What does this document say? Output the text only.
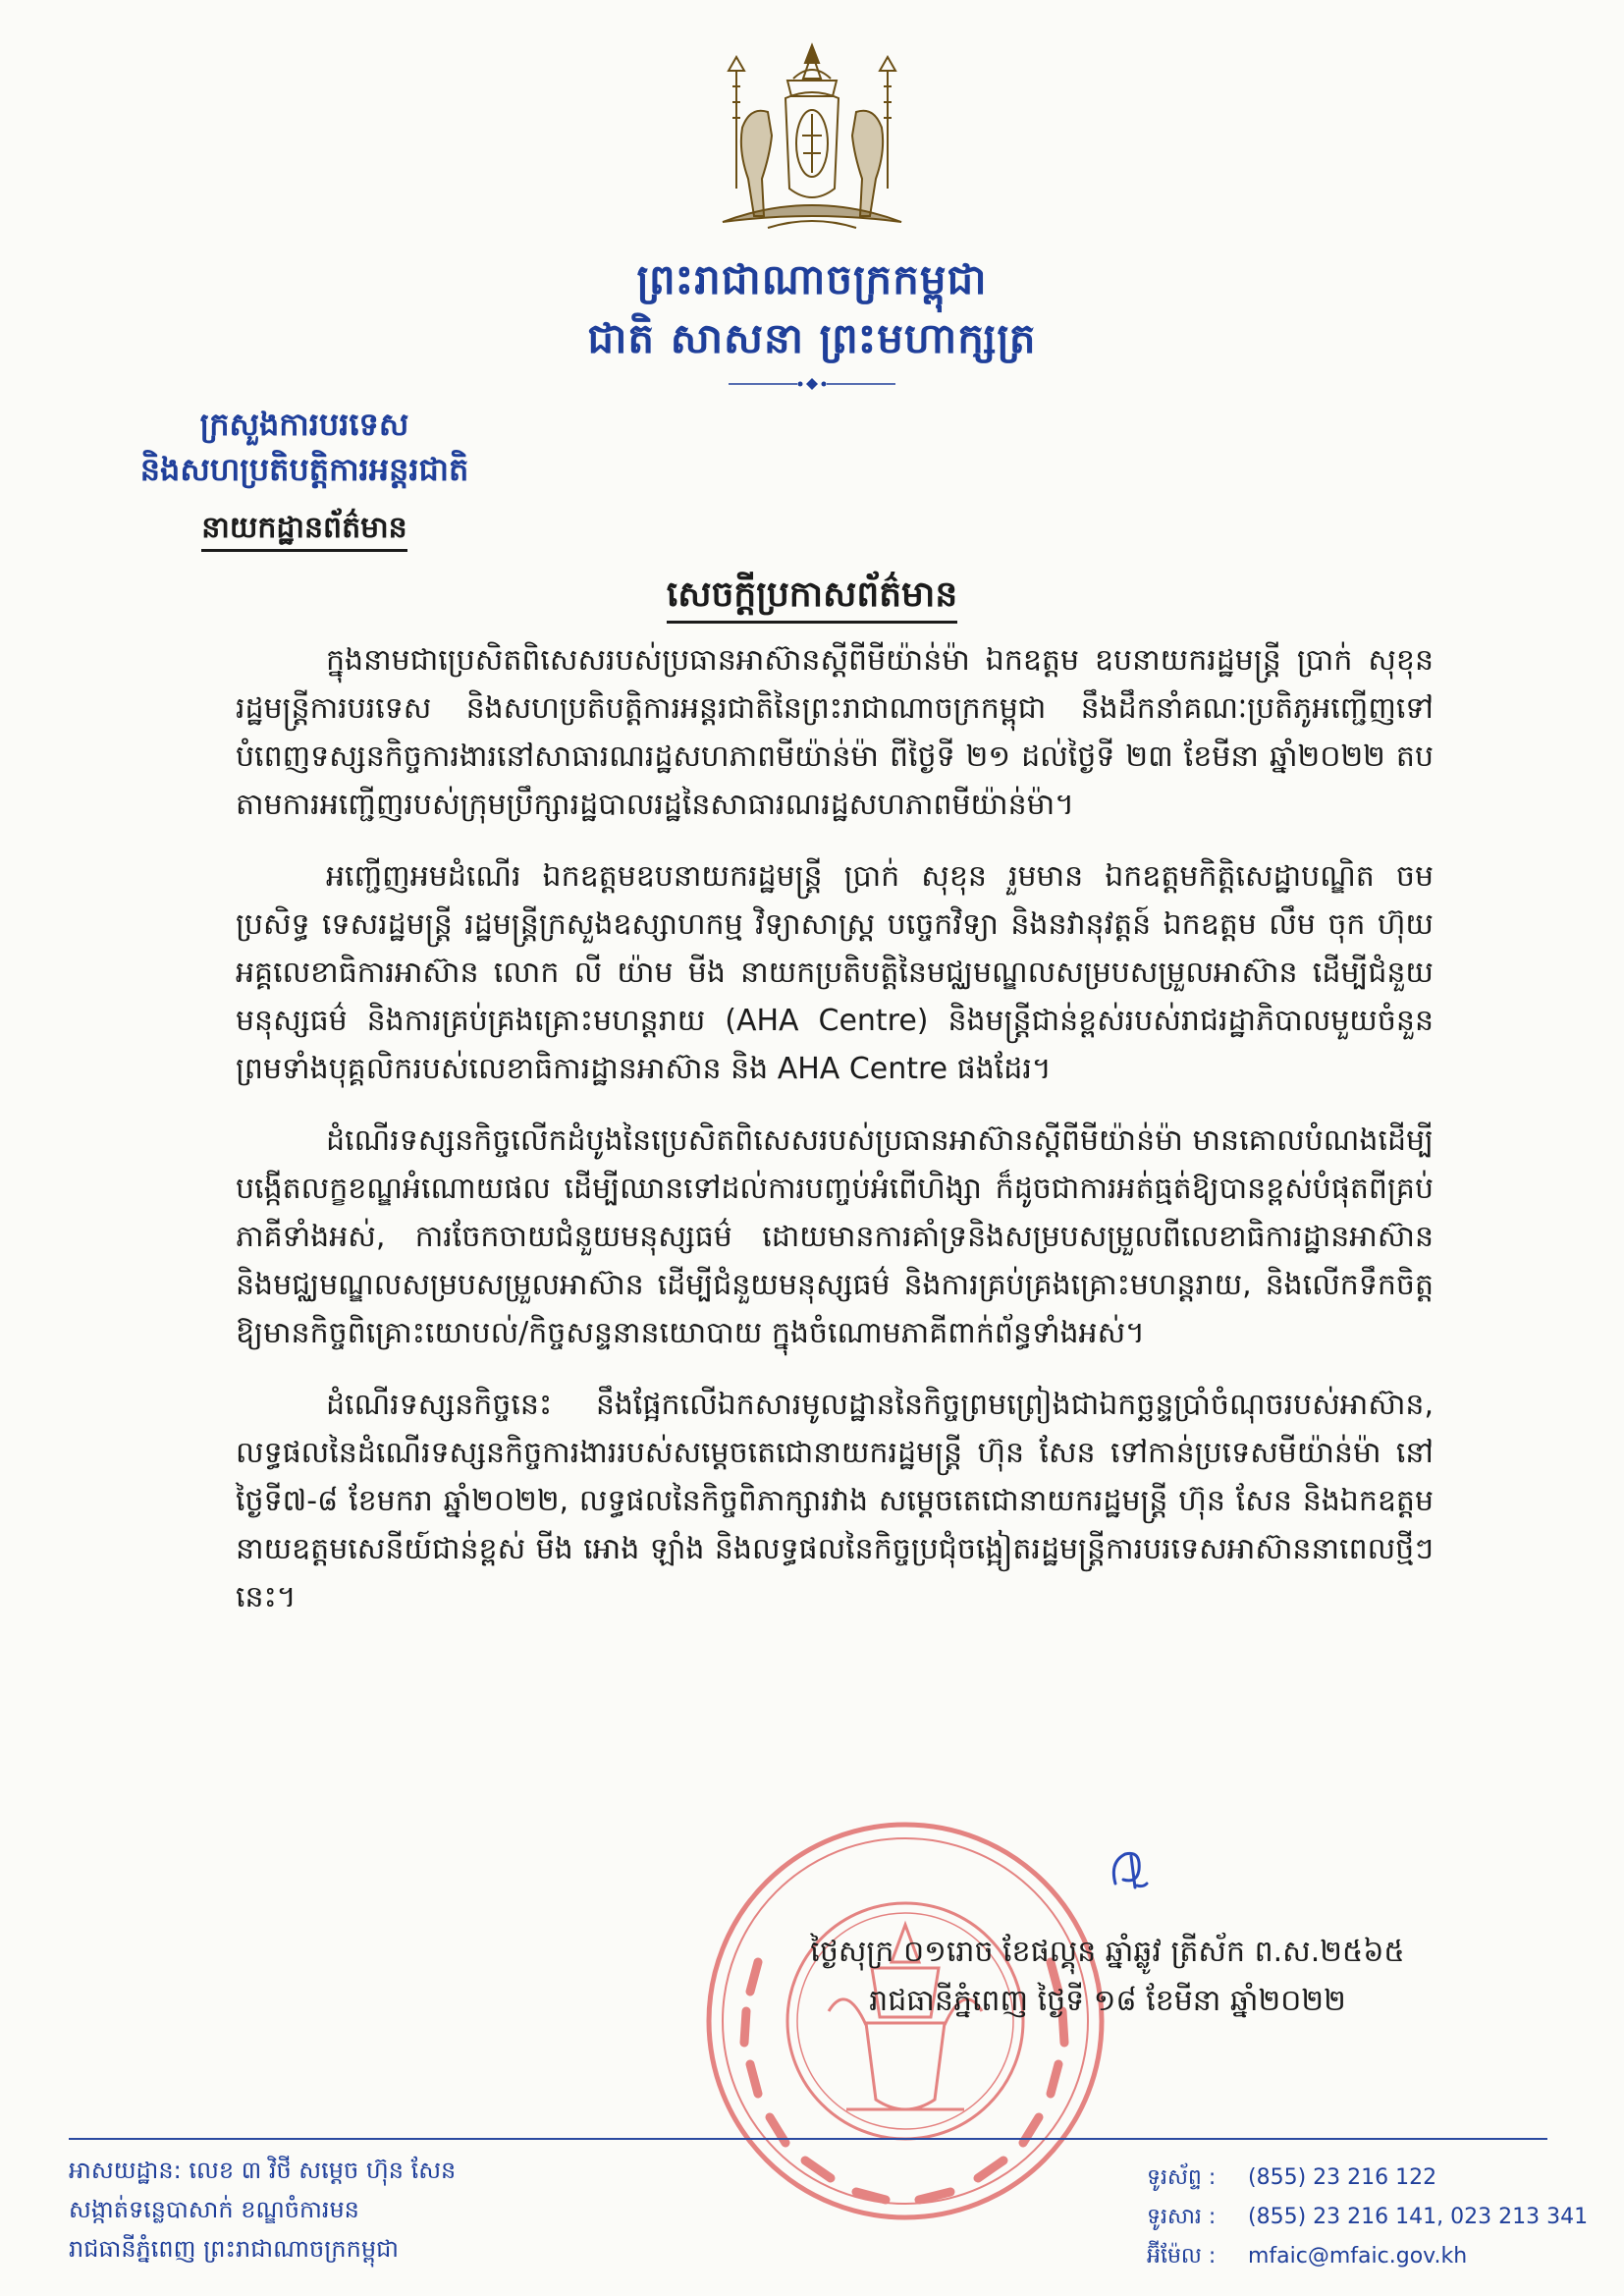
ព្រះរាជាណាចក្រកម្ពុជា
ជាតិ សាសនា ព្រះមហាក្សត្រ
ក្រសួងការបរទេស
និងសហប្រតិបត្តិការអន្តរជាតិ
នាយកដ្ឋានព័ត៌មាន
សេចក្ដីប្រកាសព័ត៌មាន

ក្នុងនាមជាប្រេសិតពិសេសរបស់ប្រធានអាស៊ានស្ដីពីមីយ៉ាន់ម៉ា ឯកឧត្ដម ឧបនាយករដ្ឋមន្ត្រី ប្រាក់ សុខុន រដ្ឋមន្ត្រីការបរទេស និងសហប្រតិបត្តិការអន្តរជាតិនៃព្រះរាជាណាចក្រកម្ពុជា នឹងដឹកនាំគណៈប្រតិភូអញ្ជើញទៅបំពេញទស្សនកិច្ចការងារនៅសាធារណរដ្ឋសហភាពមីយ៉ាន់ម៉ា ពីថ្ងៃទី ២១ ដល់ថ្ងៃទី ២៣ ខែមីនា ឆ្នាំ២០២២ តបតាមការអញ្ជើញរបស់ក្រុមប្រឹក្សារដ្ឋបាលរដ្ឋនៃសាធារណរដ្ឋសហភាពមីយ៉ាន់ម៉ា។

អញ្ជើញអមដំណើរ ឯកឧត្ដមឧបនាយករដ្ឋមន្ត្រី ប្រាក់ សុខុន រួមមាន ឯកឧត្ដមកិត្តិសេដ្ឋាបណ្ឌិត ចម ប្រសិទ្ធ ទេសរដ្ឋមន្ត្រី រដ្ឋមន្ត្រីក្រសួងឧស្សាហកម្ម វិទ្យាសាស្ត្រ បច្ចេកវិទ្យា និងនវានុវត្តន៍ ឯកឧត្ដម លឹម ចុក ហ៊ុយ អគ្គលេខាធិការអាស៊ាន លោក លី យ៉ាម មីង នាយកប្រតិបត្តិនៃមជ្ឈមណ្ឌលសម្របសម្រួលអាស៊ាន ដើម្បីជំនួយមនុស្សធម៌ និងការគ្រប់គ្រងគ្រោះមហន្តរាយ (AHA Centre) និងមន្ត្រីជាន់ខ្ពស់របស់រាជរដ្ឋាភិបាលមួយចំនួន ព្រមទាំងបុគ្គលិករបស់លេខាធិការដ្ឋានអាស៊ាន និង AHA Centre ផងដែរ។

ដំណើរទស្សនកិច្ចលើកដំបូងនៃប្រេសិតពិសេសរបស់ប្រធានអាស៊ានស្ដីពីមីយ៉ាន់ម៉ា មានគោលបំណងដើម្បីបង្កើតលក្ខខណ្ឌអំណោយផល ដើម្បីឈានទៅដល់ការបញ្ចប់អំពើហិង្សា ក៏ដូចជាការអត់ធ្មត់ឱ្យបានខ្ពស់បំផុតពីគ្រប់ភាគីទាំងអស់, ការចែកចាយជំនួយមនុស្សធម៌ ដោយមានការគាំទ្រនិងសម្របសម្រួលពីលេខាធិការដ្ឋានអាស៊ាន និងមជ្ឈមណ្ឌលសម្របសម្រួលអាស៊ាន ដើម្បីជំនួយមនុស្សធម៌ និងការគ្រប់គ្រងគ្រោះមហន្តរាយ, និងលើកទឹកចិត្តឱ្យមានកិច្ចពិគ្រោះយោបល់/កិច្ចសន្ទនានយោបាយ ក្នុងចំណោមភាគីពាក់ព័ន្ធទាំងអស់។

ដំណើរទស្សនកិច្ចនេះ នឹងផ្អែកលើឯកសារមូលដ្ឋាននៃកិច្ចព្រមព្រៀងជាឯកច្ឆន្ទប្រាំចំណុចរបស់អាស៊ាន, លទ្ធផលនៃដំណើរទស្សនកិច្ចការងាររបស់សម្ដេចតេជោនាយករដ្ឋមន្ត្រី ហ៊ុន សែន ទៅកាន់ប្រទេសមីយ៉ាន់ម៉ា នៅថ្ងៃទី៧-៨ ខែមករា ឆ្នាំ២០២២, លទ្ធផលនៃកិច្ចពិភាក្សារវាង សម្ដេចតេជោនាយករដ្ឋមន្ត្រី ហ៊ុន សែន និងឯកឧត្ដម នាយឧត្ដមសេនីយ៍ជាន់ខ្ពស់ មីង អោង ឡាំង និងលទ្ធផលនៃកិច្ចប្រជុំចង្អៀតរដ្ឋមន្ត្រីការបរទេសអាស៊ាននាពេលថ្មីៗនេះ។

ថ្ងៃសុក្រ ០១រោច ខែផល្គុន ឆ្នាំឆ្លូវ ត្រីស័ក ព.ស.២៥៦៥
រាជធានីភ្នំពេញ ថ្ងៃទី ១៨ ខែមីនា ឆ្នាំ២០២២
អាសយដ្ឋាន: លេខ ៣ វិថី សម្ដេច ហ៊ុន សែន
សង្កាត់ទន្លេបាសាក់ ខណ្ឌចំការមន
រាជធានីភ្នំពេញ ព្រះរាជាណាចក្រកម្ពុជា
ទូរស័ព្ទ : (855) 23 216 122
ទូរសារ : (855) 23 216 141, 023 213 341
អ៊ីម៉ែល : mfaic@mfaic.gov.kh
